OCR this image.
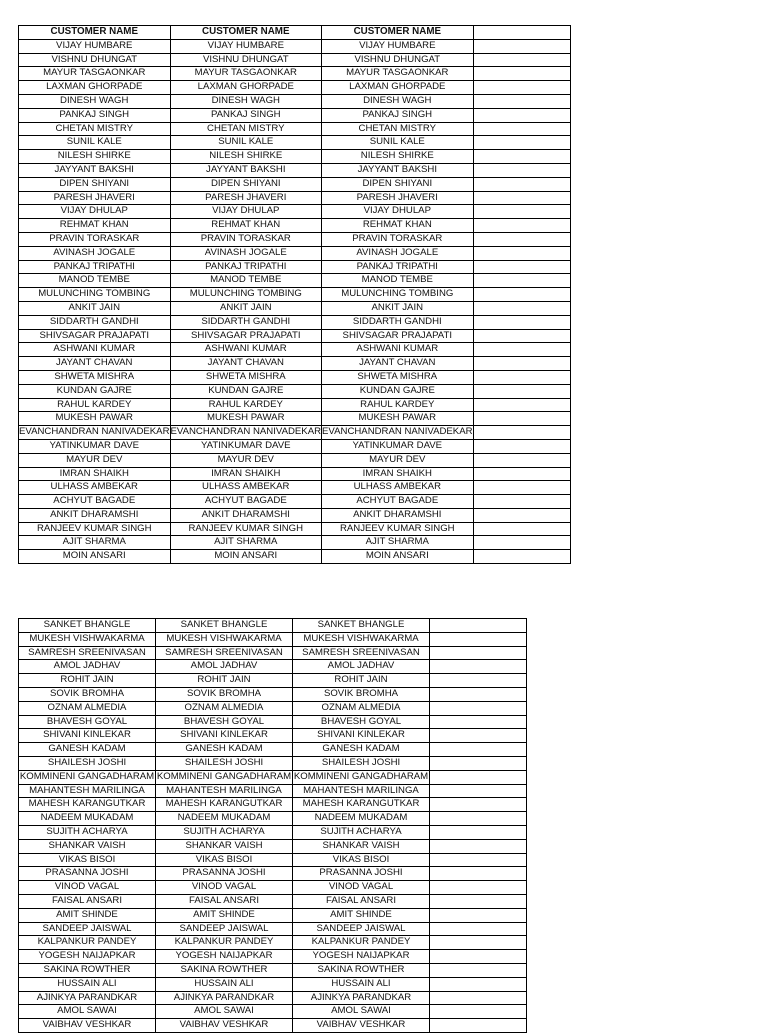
CUSTOMER NAME	CUSTOMER NAME	CUSTOMER NAME	
VIJAY HUMBARE	VIJAY HUMBARE	VIJAY HUMBARE	
VISHNU DHUNGAT	VISHNU DHUNGAT	VISHNU DHUNGAT	
MAYUR TASGAONKAR	MAYUR TASGAONKAR	MAYUR TASGAONKAR	
LAXMAN GHORPADE	LAXMAN GHORPADE	LAXMAN GHORPADE	
DINESH WAGH	DINESH WAGH	DINESH WAGH	
PANKAJ SINGH	PANKAJ SINGH	PANKAJ SINGH	
CHETAN MISTRY	CHETAN MISTRY	CHETAN MISTRY	
SUNIL KALE	SUNIL KALE	SUNIL KALE	
NILESH SHIRKE	NILESH SHIRKE	NILESH SHIRKE	
JAYYANT BAKSHI	JAYYANT BAKSHI	JAYYANT BAKSHI	
DIPEN SHIYANI	DIPEN SHIYANI	DIPEN SHIYANI	
PARESH JHAVERI	PARESH JHAVERI	PARESH JHAVERI	
VIJAY DHULAP	VIJAY DHULAP	VIJAY DHULAP	
REHMAT KHAN	REHMAT KHAN	REHMAT KHAN	
PRAVIN TORASKAR	PRAVIN TORASKAR	PRAVIN TORASKAR	
AVINASH JOGALE	AVINASH JOGALE	AVINASH JOGALE	
PANKAJ TRIPATHI	PANKAJ TRIPATHI	PANKAJ TRIPATHI	
MANOD TEMBE	MANOD TEMBE	MANOD TEMBE	
MULUNCHING TOMBING	MULUNCHING TOMBING	MULUNCHING TOMBING	
ANKIT JAIN	ANKIT JAIN	ANKIT JAIN	
SIDDARTH GANDHI	SIDDARTH GANDHI	SIDDARTH GANDHI	
SHIVSAGAR PRAJAPATI	SHIVSAGAR PRAJAPATI	SHIVSAGAR PRAJAPATI	
ASHWANI KUMAR	ASHWANI KUMAR	ASHWANI KUMAR	
JAYANT CHAVAN	JAYANT CHAVAN	JAYANT CHAVAN	
SHWETA MISHRA	SHWETA MISHRA	SHWETA MISHRA	
KUNDAN GAJRE	KUNDAN GAJRE	KUNDAN GAJRE	
RAHUL KARDEY	RAHUL KARDEY	RAHUL KARDEY	
MUKESH PAWAR	MUKESH PAWAR	MUKESH PAWAR	
EVANCHANDRAN NANIVADEKAR	EVANCHANDRAN NANIVADEKAR	EVANCHANDRAN NANIVADEKAR	
YATINKUMAR DAVE	YATINKUMAR DAVE	YATINKUMAR DAVE	
MAYUR DEV	MAYUR DEV	MAYUR DEV	
IMRAN SHAIKH	IMRAN SHAIKH	IMRAN SHAIKH	
ULHASS AMBEKAR	ULHASS AMBEKAR	ULHASS AMBEKAR	
ACHYUT BAGADE	ACHYUT BAGADE	ACHYUT BAGADE	
ANKIT DHARAMSHI	ANKIT DHARAMSHI	ANKIT DHARAMSHI	
RANJEEV KUMAR SINGH	RANJEEV KUMAR SINGH	RANJEEV KUMAR SINGH	
AJIT SHARMA	AJIT SHARMA	AJIT SHARMA	
MOIN ANSARI	MOIN ANSARI	MOIN ANSARI	
SANKET BHANGLE	SANKET BHANGLE	SANKET BHANGLE	
MUKESH VISHWAKARMA	MUKESH VISHWAKARMA	MUKESH VISHWAKARMA	
SAMRESH SREENIVASAN	SAMRESH SREENIVASAN	SAMRESH SREENIVASAN	
AMOL JADHAV	AMOL JADHAV	AMOL JADHAV	
ROHIT JAIN	ROHIT JAIN	ROHIT JAIN	
SOVIK BROMHA	SOVIK BROMHA	SOVIK BROMHA	
OZNAM ALMEDIA	OZNAM ALMEDIA	OZNAM ALMEDIA	
BHAVESH GOYAL	BHAVESH GOYAL	BHAVESH GOYAL	
SHIVANI KINLEKAR	SHIVANI KINLEKAR	SHIVANI KINLEKAR	
GANESH KADAM	GANESH KADAM	GANESH KADAM	
SHAILESH JOSHI	SHAILESH JOSHI	SHAILESH JOSHI	
KOMMINENI GANGADHARAM	KOMMINENI GANGADHARAM	KOMMINENI GANGADHARAM	
MAHANTESH MARILINGA	MAHANTESH MARILINGA	MAHANTESH MARILINGA	
MAHESH KARANGUTKAR	MAHESH KARANGUTKAR	MAHESH KARANGUTKAR	
NADEEM MUKADAM	NADEEM MUKADAM	NADEEM MUKADAM	
SUJITH ACHARYA	SUJITH ACHARYA	SUJITH ACHARYA	
SHANKAR VAISH	SHANKAR VAISH	SHANKAR VAISH	
VIKAS BISOI	VIKAS BISOI	VIKAS BISOI	
PRASANNA JOSHI	PRASANNA JOSHI	PRASANNA JOSHI	
VINOD VAGAL	VINOD VAGAL	VINOD VAGAL	
FAISAL ANSARI	FAISAL ANSARI	FAISAL ANSARI	
AMIT SHINDE	AMIT SHINDE	AMIT SHINDE	
SANDEEP JAISWAL	SANDEEP JAISWAL	SANDEEP JAISWAL	
KALPANKUR PANDEY	KALPANKUR PANDEY	KALPANKUR PANDEY	
YOGESH NAIJAPKAR	YOGESH NAIJAPKAR	YOGESH NAIJAPKAR	
SAKINA ROWTHER	SAKINA ROWTHER	SAKINA ROWTHER	
HUSSAIN ALI	HUSSAIN ALI	HUSSAIN ALI	
AJINKYA PARANDKAR	AJINKYA PARANDKAR	AJINKYA PARANDKAR	
AMOL SAWAI	AMOL SAWAI	AMOL SAWAI	
VAIBHAV VESHKAR	VAIBHAV VESHKAR	VAIBHAV VESHKAR	
